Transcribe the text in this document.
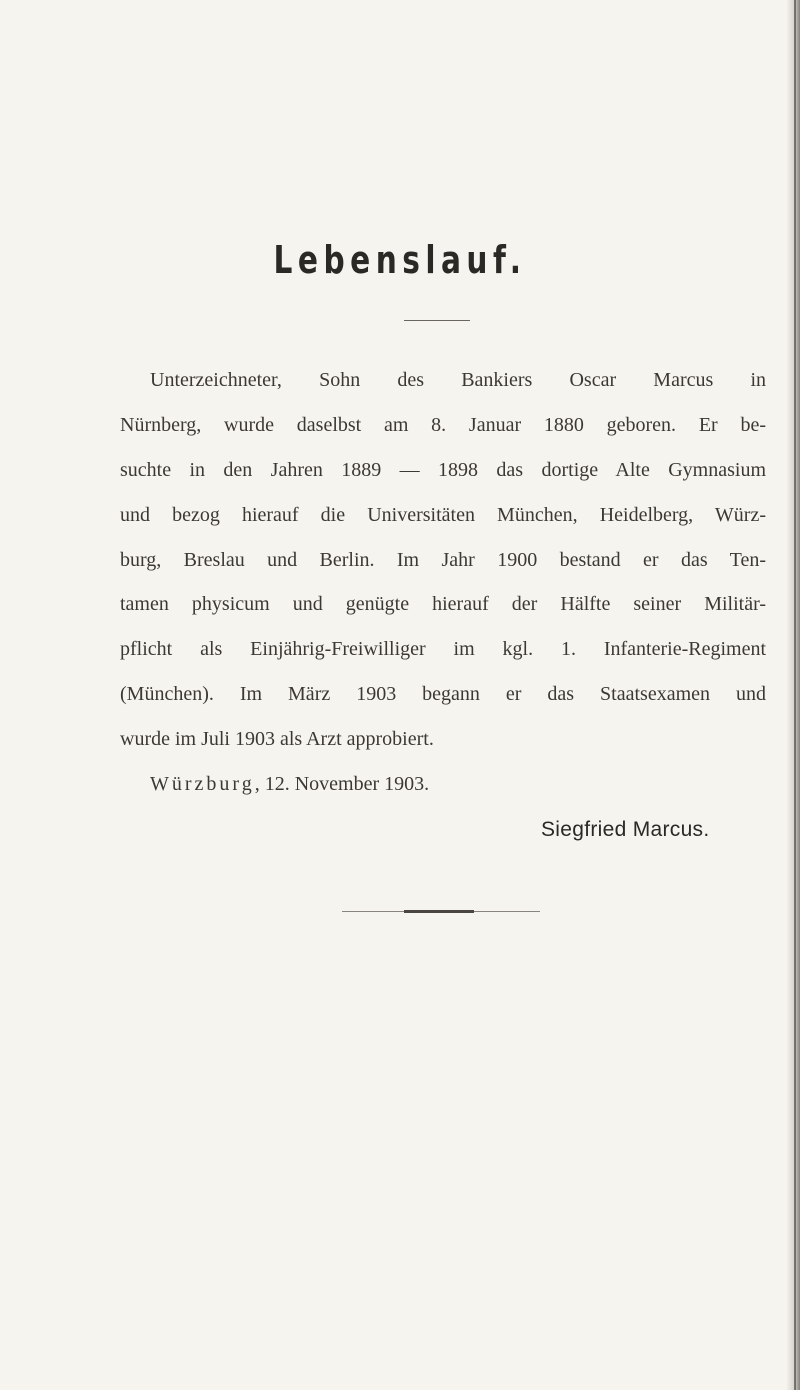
Lebenslauf.
Unterzeichneter, Sohn des Bankiers Oscar Marcus in
Nürnberg, wurde daselbst am 8. Januar 1880 geboren. Er be-
suchte in den Jahren 1889 — 1898 das dortige Alte Gymnasium
und bezog hierauf die Universitäten München, Heidelberg, Würz-
burg, Breslau und Berlin. Im Jahr 1900 bestand er das Ten-
tamen physicum und genügte hierauf der Hälfte seiner Militär-
pflicht als Einjährig-Freiwilliger im kgl. 1. Infanterie-Regiment
(München). Im März 1903 begann er das Staatsexamen und
wurde im Juli 1903 als Arzt approbiert.
Würzburg, 12. November 1903.
Siegfried Marcus.
